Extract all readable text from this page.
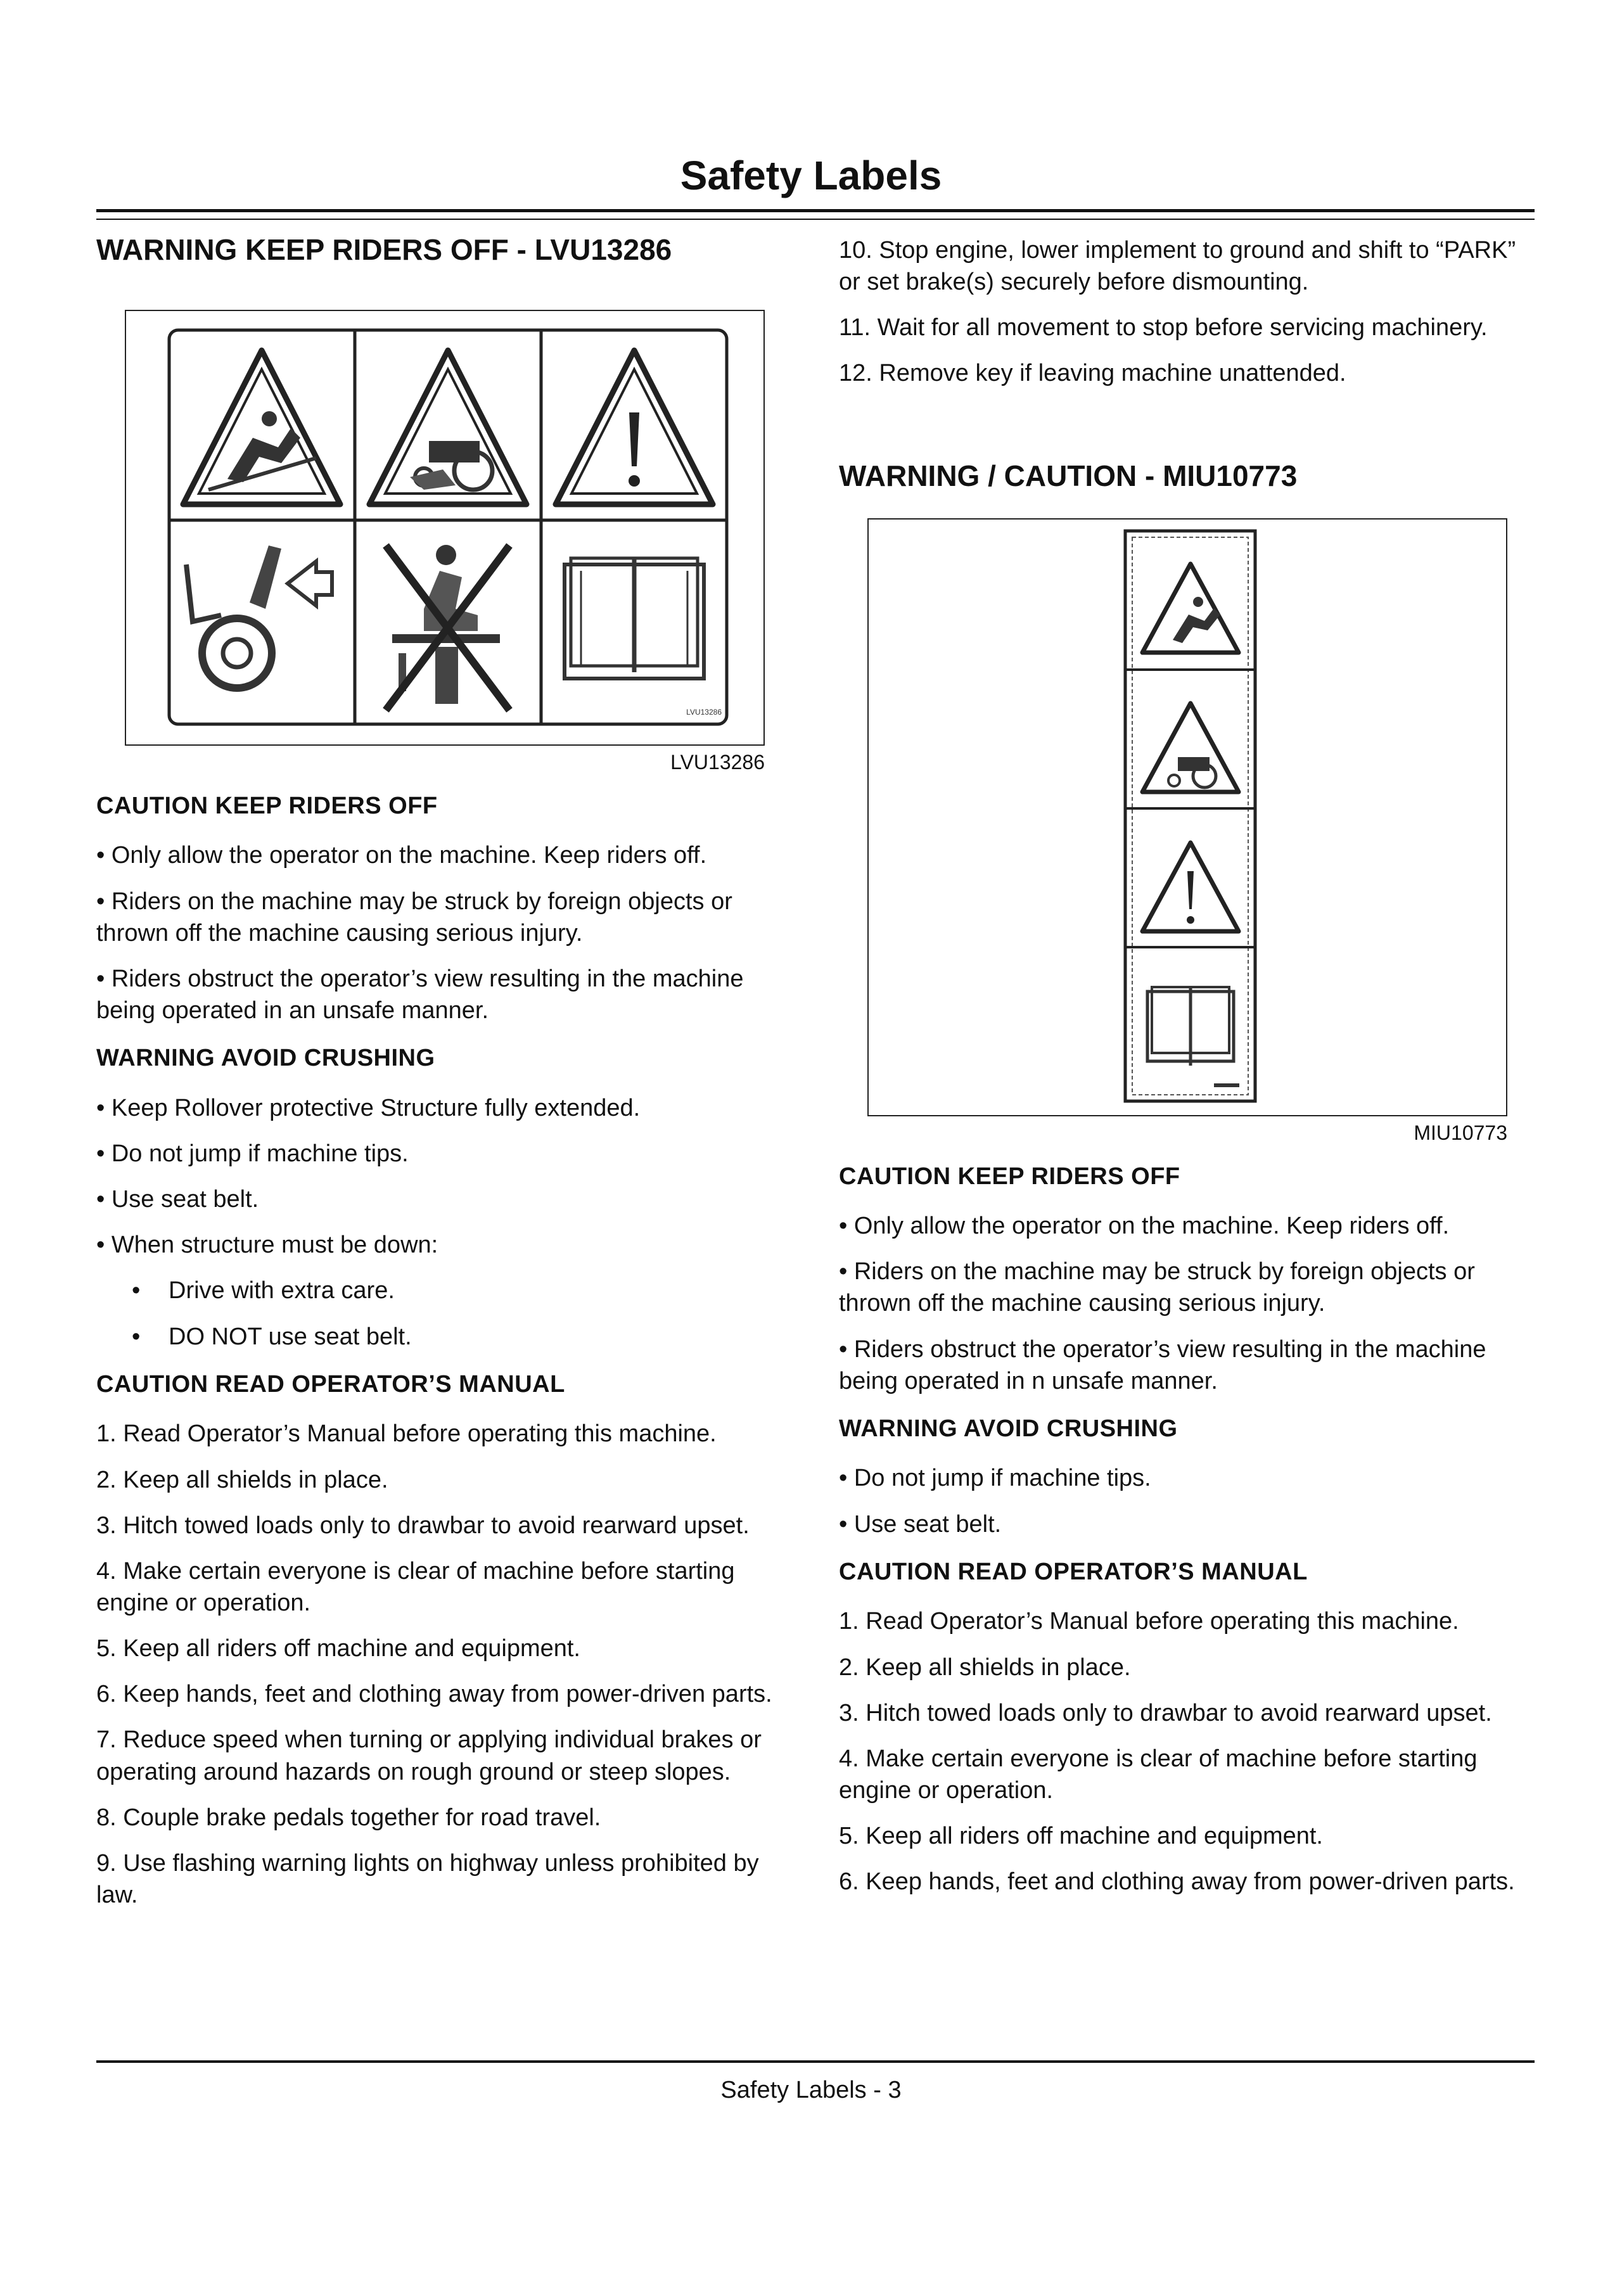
Safety Labels
WARNING KEEP RIDERS OFF - LVU13286
LVU13286

LVU13286

CAUTION KEEP RIDERS OFF

• Only allow the operator on the machine. Keep riders off.

• Riders on the machine may be struck by foreign objects or thrown off the machine causing serious injury.

• Riders obstruct the operator’s view resulting in the machine being operated in an unsafe manner.

WARNING AVOID CRUSHING

• Keep Rollover protective Structure fully extended.

• Do not jump if machine tips.

• Use seat belt.

• When structure must be down:

• Drive with extra care.

• DO NOT use seat belt.

CAUTION READ OPERATOR’S MANUAL

1. Read Operator’s Manual before operating this machine.

2. Keep all shields in place.

3. Hitch towed loads only to drawbar to avoid rearward upset.

4. Make certain everyone is clear of machine before starting engine or operation.

5. Keep all riders off machine and equipment.

6. Keep hands, feet and clothing away from power-driven parts.

7. Reduce speed when turning or applying individual brakes or operating around hazards on rough ground or steep slopes.

8. Couple brake pedals together for road travel.

9. Use flashing warning lights on highway unless prohibited by law.

10. Stop engine, lower implement to ground and shift to “PARK” or set brake(s) securely before dismounting.

11. Wait for all movement to stop before servicing machinery.

12. Remove key if leaving machine unattended.

WARNING / CAUTION - MIU10773

MIU10773

CAUTION KEEP RIDERS OFF

• Only allow the operator on the machine. Keep riders off.

• Riders on the machine may be struck by foreign objects or thrown off the machine causing serious injury.

• Riders obstruct the operator’s view resulting in the machine being operated in n unsafe manner.

WARNING AVOID CRUSHING

• Do not jump if machine tips.

• Use seat belt.

CAUTION READ OPERATOR’S MANUAL

1. Read Operator’s Manual before operating this machine.

2. Keep all shields in place.

3. Hitch towed loads only to drawbar to avoid rearward upset.

4. Make certain everyone is clear of machine before starting engine or operation.

5. Keep all riders off machine and equipment.

6. Keep hands, feet and clothing away from power-driven parts.

Safety Labels - 3
